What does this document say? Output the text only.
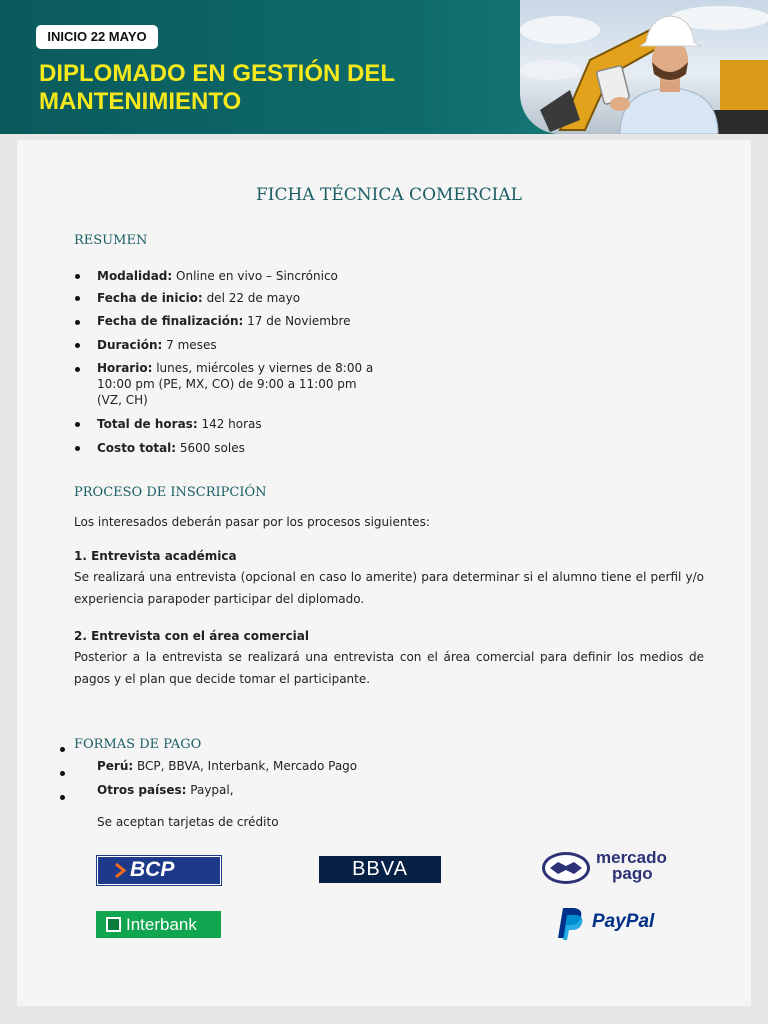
INICIO 22 MAYO
DIPLOMADO EN GESTIÓN DEL
MANTENIMIENTO
FICHA TÉCNICA COMERCIAL
RESUMEN
Modalidad: Online en vivo – Sincrónico
Fecha de inicio: del 22 de mayo
Fecha de finalización: 17 de Noviembre
Duración: 7 meses
Horario: lunes, miércoles y viernes de 8:00 a
10:00 pm (PE, MX, CO) de 9:00 a 11:00 pm
(VZ, CH)
Total de horas: 142 horas
Costo total: 5600 soles
PROCESO DE INSCRIPCIÓN
Los interesados deberán pasar por los procesos siguientes:
1. Entrevista académica
Se realizará una entrevista (opcional en caso lo amerite) para determinar si el alumno tiene el perfil y/o experiencia parapoder participar del diplomado.
2. Entrevista con el área comercial
Posterior a la entrevista se realizará una entrevista con el área comercial para definir los medios de pagos y el plan que decide tomar el participante.
FORMAS DE PAGO
Perú: BCP, BBVA, Interbank, Mercado Pago
Otros países: Paypal,
Se aceptan tarjetas de crédito
BCP	BBVA
mercado
pago
Interbank	PayPal
